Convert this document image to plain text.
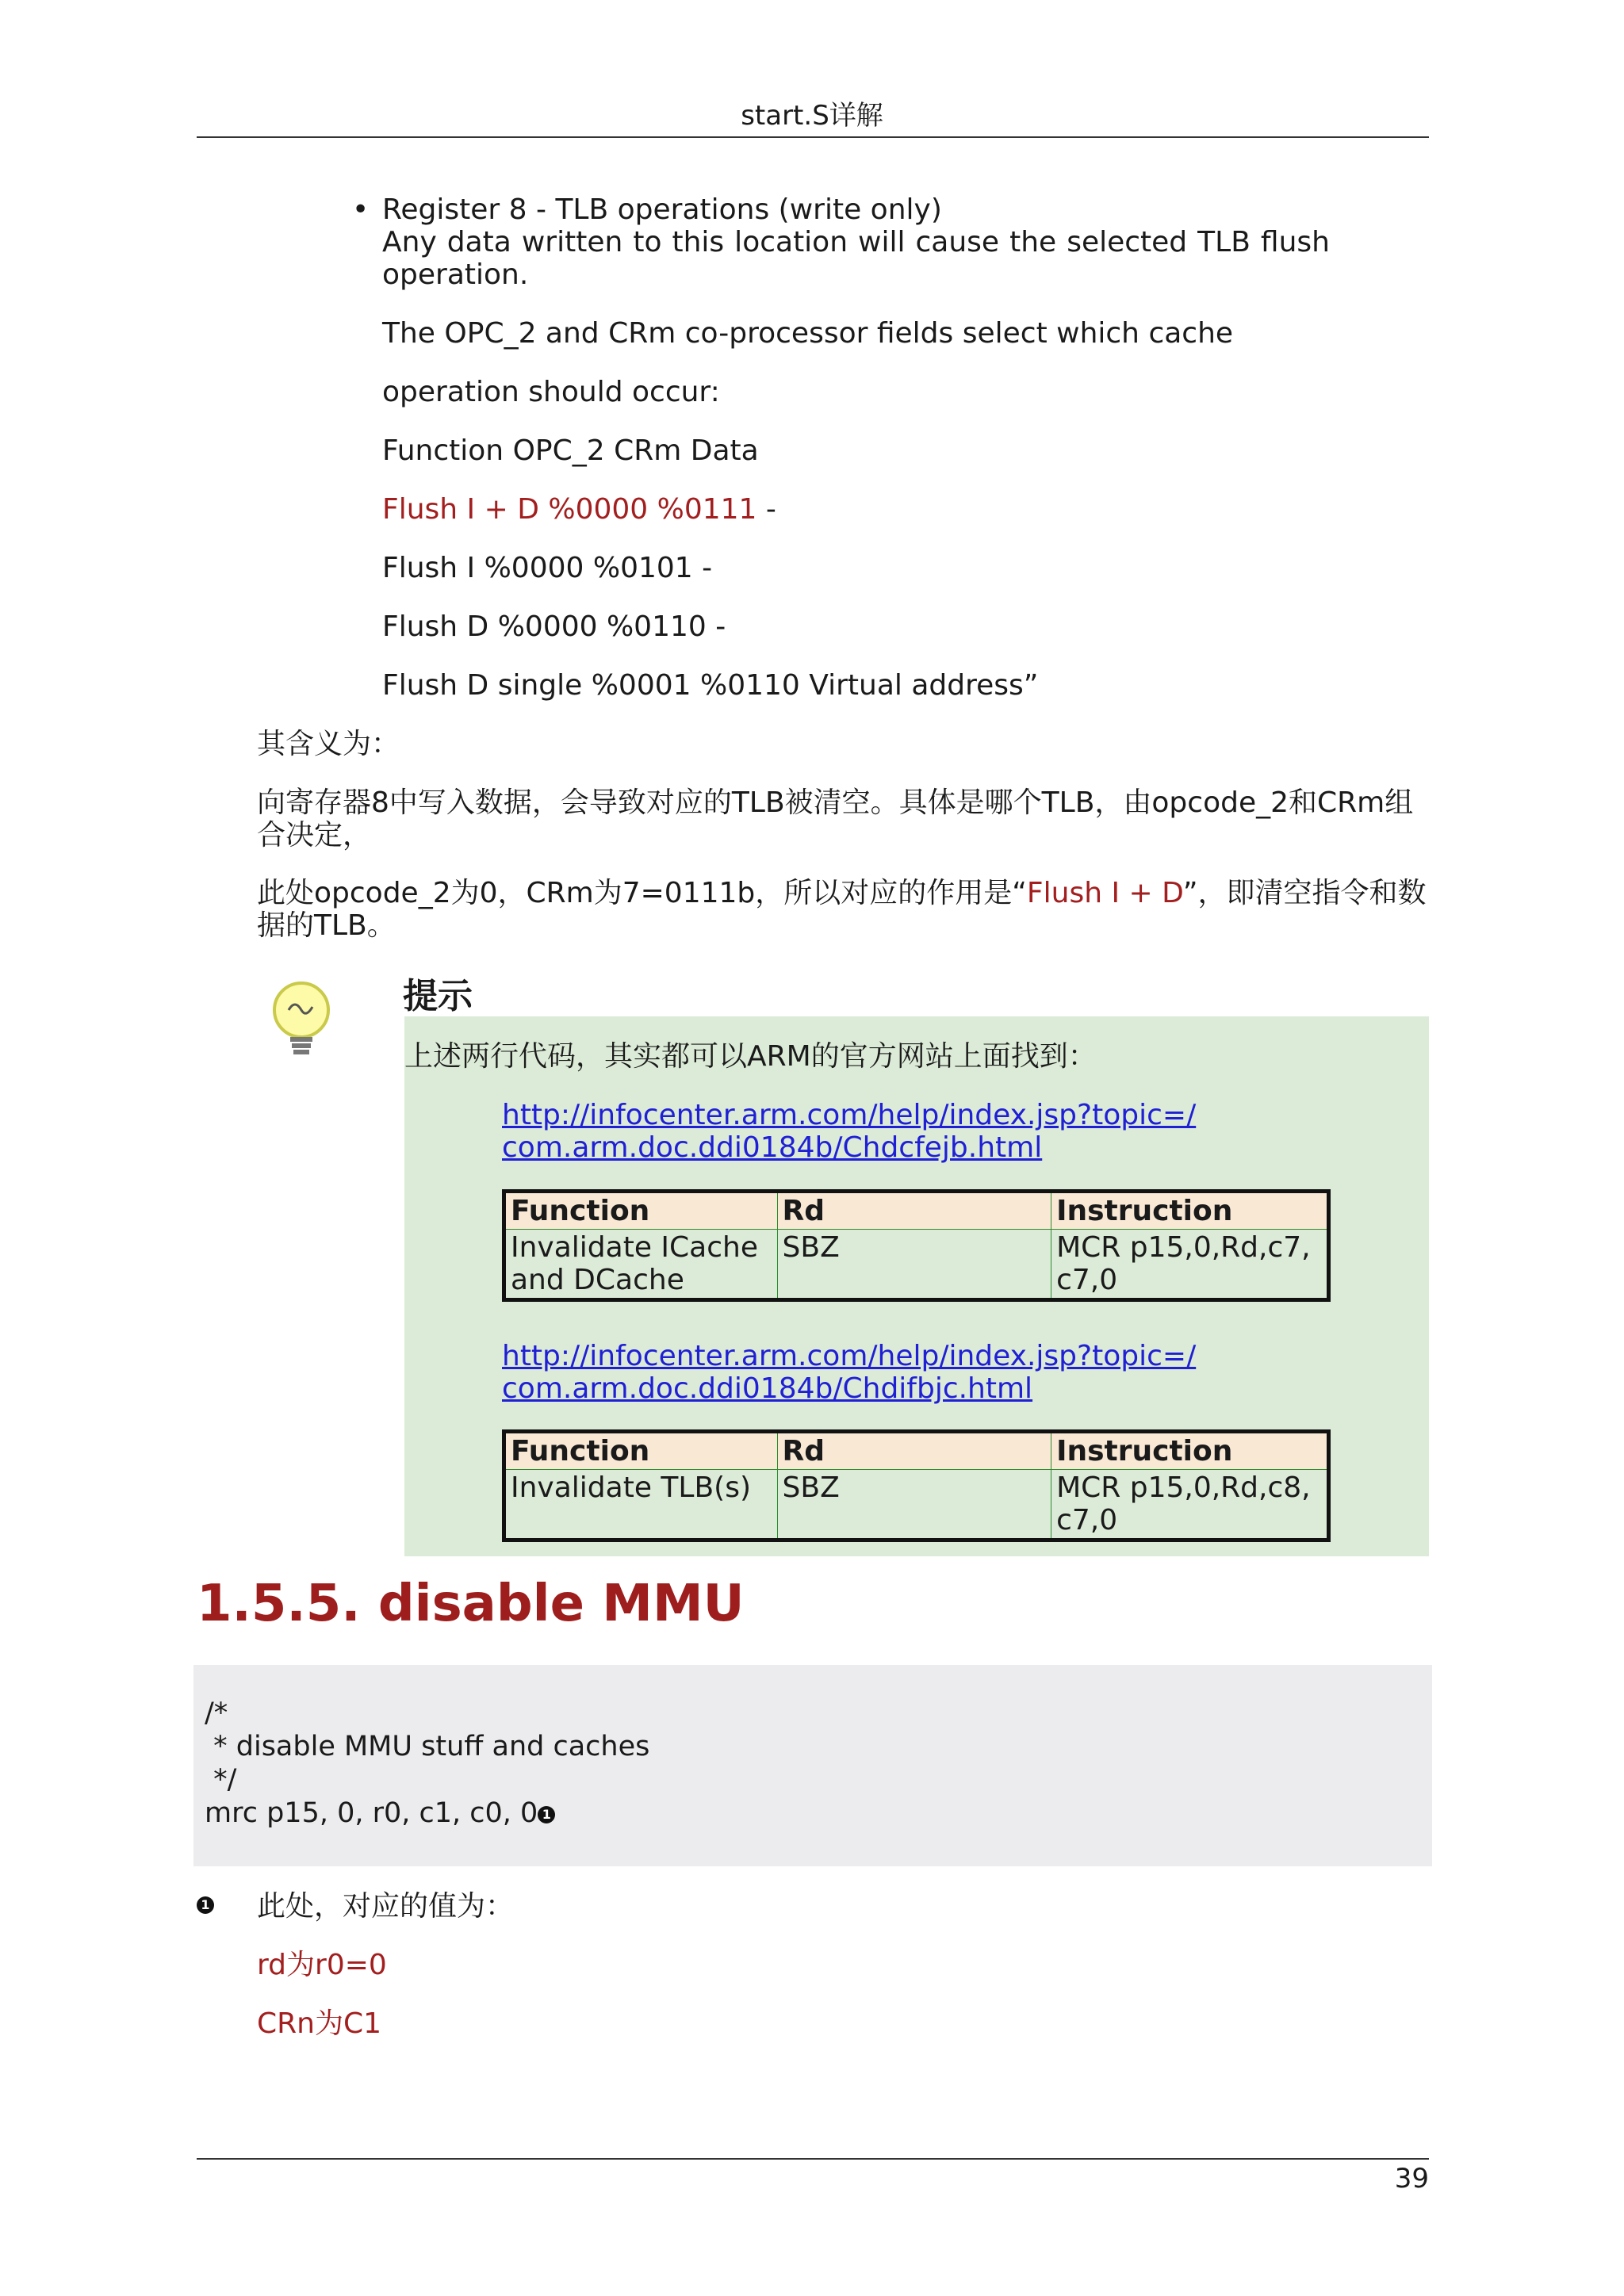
start.S详解
• Register 8 - TLB operations (write only)
Any data written to this location will cause the selected TLB flush operation.
The OPC_2 and CRm co-processor fields select which cache
operation should occur:
Function OPC_2 CRm Data
Flush I + D %0000 %0111 -
Flush I %0000 %0101 -
Flush D %0000 %0110 -
Flush D single %0001 %0110 Virtual address”
其含义为：
向寄存器8中写入数据，会导致对应的TLB被清空。具体是哪个TLB，由opcode_2和CRm组合决定，
此处opcode_2为0，CRm为7=0111b，所以对应的作用是“Flush I + D”，即清空指令和数据的TLB。
提示
上述两行代码，其实都可以ARM的官方网站上面找到：
http://infocenter.arm.com/help/index.jsp?topic=/
com.arm.doc.ddi0184b/Chdcfejb.html
Function	Rd	Instruction
Invalidate ICache and DCache	SBZ	MCR p15,0,Rd,c7,c7,0
http://infocenter.arm.com/help/index.jsp?topic=/
com.arm.doc.ddi0184b/Chdifbjc.html
Function	Rd	Instruction
Invalidate TLB(s)	SBZ	MCR p15,0,Rd,c8,c7,0
1.5.5. disable MMU
/*
* disable MMU stuff and caches
*/
mrc p15, 0, r0, c1, c0, 0 1
1 此处，对应的值为：
rd为r0=0
CRn为C1
39
